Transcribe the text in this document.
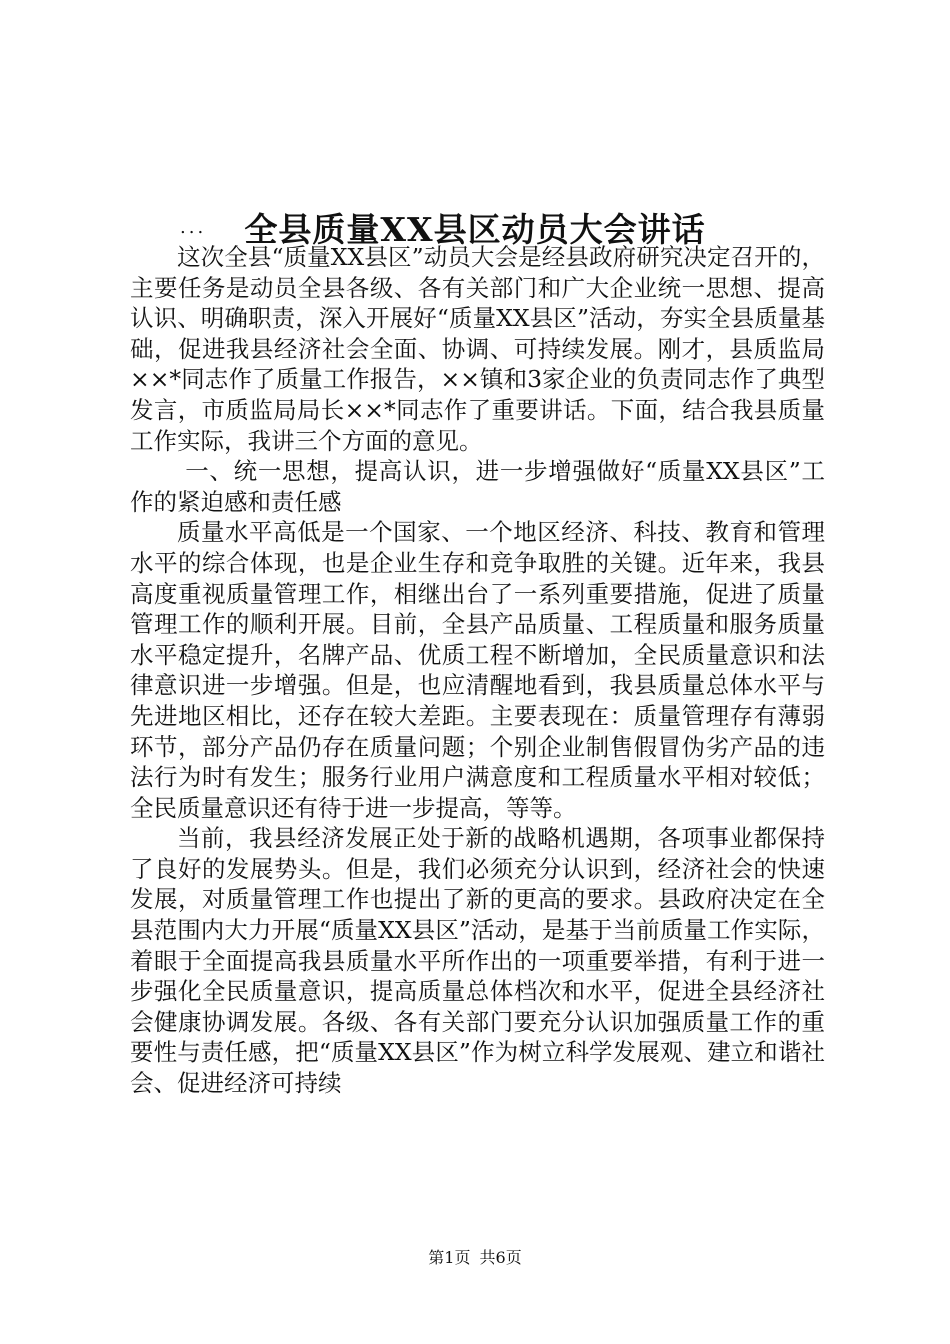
全县质量XX县区动员大会讲话
...

这次全县“质量XX县区”动员大会是经县政府研究决定召开的，主要任务是动员全县各级、各有关部门和广大企业统一思想、提高认识、明确职责，深入开展好“质量XX县区”活动，夯实全县质量基础，促进我县经济社会全面、协调、可持续发展。刚才，县质监局××*同志作了质量工作报告，××镇和3家企业的负责同志作了典型发言，市质监局局长××*同志作了重要讲话。下面，结合我县质量工作实际，我讲三个方面的意见。

一、统一思想，提高认识，进一步增强做好“质量XX县区”工作的紧迫感和责任感

质量水平高低是一个国家、一个地区经济、科技、教育和管理水平的综合体现，也是企业生存和竞争取胜的关键。近年来，我县高度重视质量管理工作，相继出台了一系列重要措施，促进了质量管理工作的顺利开展。目前，全县产品质量、工程质量和服务质量水平稳定提升，名牌产品、优质工程不断增加，全民质量意识和法律意识进一步增强。但是，也应清醒地看到，我县质量总体水平与先进地区相比，还存在较大差距。主要表现在：质量管理存有薄弱环节，部分产品仍存在质量问题；个别企业制售假冒伪劣产品的违法行为时有发生；服务行业用户满意度和工程质量水平相对较低；全民质量意识还有待于进一步提高，等等。

当前，我县经济发展正处于新的战略机遇期，各项事业都保持了良好的发展势头。但是，我们必须充分认识到，经济社会的快速发展，对质量管理工作也提出了新的更高的要求。县政府决定在全县范围内大力开展“质量XX县区”活动，是基于当前质量工作实际，着眼于全面提高我县质量水平所作出的一项重要举措，有利于进一步强化全民质量意识，提高质量总体档次和水平，促进全县经济社会健康协调发展。各级、各有关部门要充分认识加强质量工作的重要性与责任感，把“质量XX县区”作为树立科学发展观、建立和谐社会、促进经济可持续

第1页 共6页
